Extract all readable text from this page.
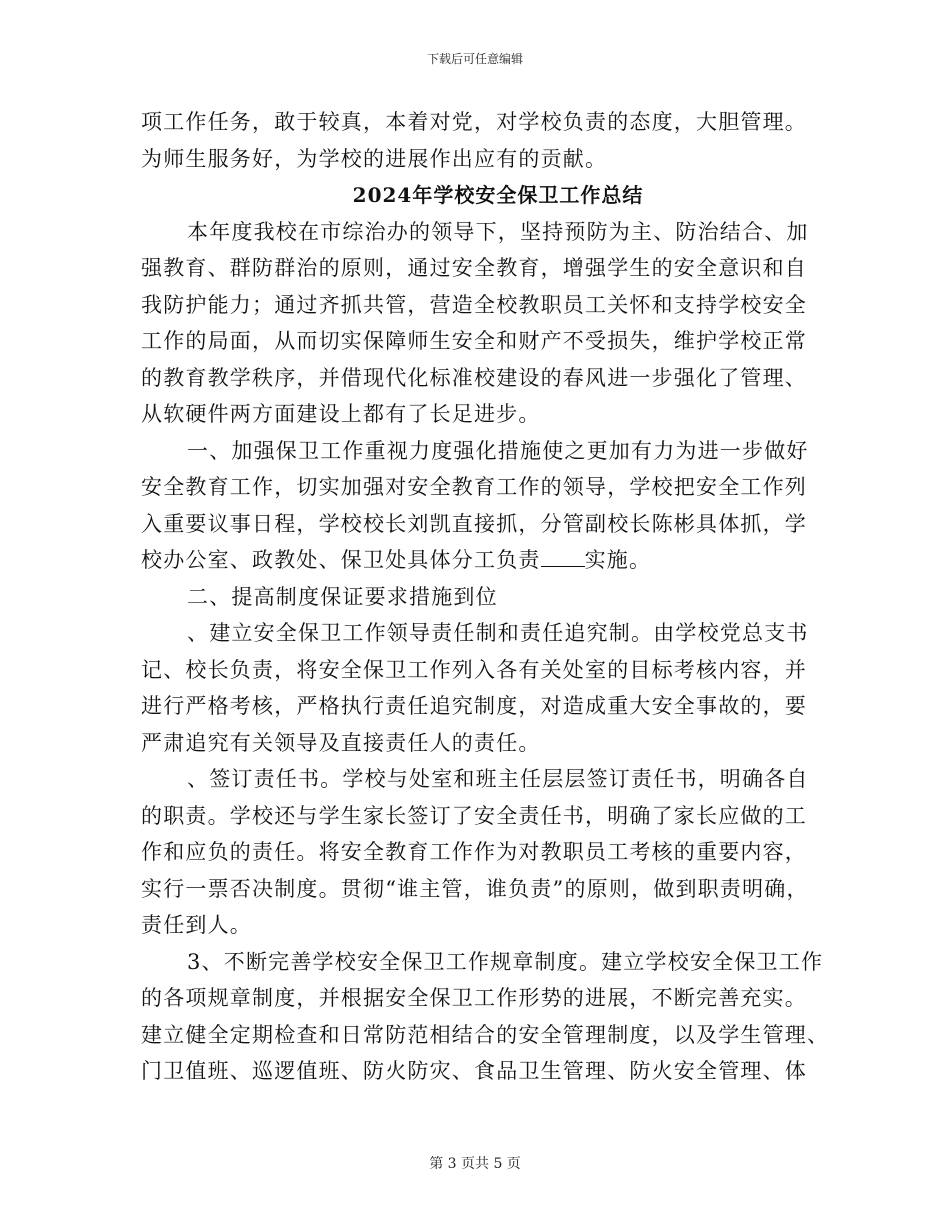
下载后可任意编辑
项工作任务，敢于较真，本着对党，对学校负责的态度，大胆管理。
为师生服务好，为学校的进展作出应有的贡献。
2024年学校安全保卫工作总结
本年度我校在市综治办的领导下，坚持预防为主、防治结合、加
强教育、群防群治的原则，通过安全教育，增强学生的安全意识和自
我防护能力；通过齐抓共管，营造全校教职员工关怀和支持学校安全
工作的局面，从而切实保障师生安全和财产不受损失，维护学校正常
的教育教学秩序，并借现代化标准校建设的春风进一步强化了管理、
从软硬件两方面建设上都有了长足进步。
一、加强保卫工作重视力度强化措施使之更加有力为进一步做好
安全教育工作，切实加强对安全教育工作的领导，学校把安全工作列
入重要议事日程，学校校长刘凯直接抓，分管副校长陈彬具体抓，学
校办公室、政教处、保卫处具体分工负责 实施。
二、提高制度保证要求措施到位
、建立安全保卫工作领导责任制和责任追究制。由学校党总支书
记、校长负责，将安全保卫工作列入各有关处室的目标考核内容，并
进行严格考核，严格执行责任追究制度，对造成重大安全事故的，要
严肃追究有关领导及直接责任人的责任。
、签订责任书。学校与处室和班主任层层签订责任书，明确各自
的职责。学校还与学生家长签订了安全责任书，明确了家长应做的工
作和应负的责任。将安全教育工作作为对教职员工考核的重要内容，
实行一票否决制度。贯彻“谁主管，谁负责”的原则，做到职责明确，
责任到人。
3、不断完善学校安全保卫工作规章制度。建立学校安全保卫工作
的各项规章制度，并根据安全保卫工作形势的进展，不断完善充实。
建立健全定期检查和日常防范相结合的安全管理制度，以及学生管理、
门卫值班、巡逻值班、防火防灾、食品卫生管理、防火安全管理、体
第 3 页共 5 页
